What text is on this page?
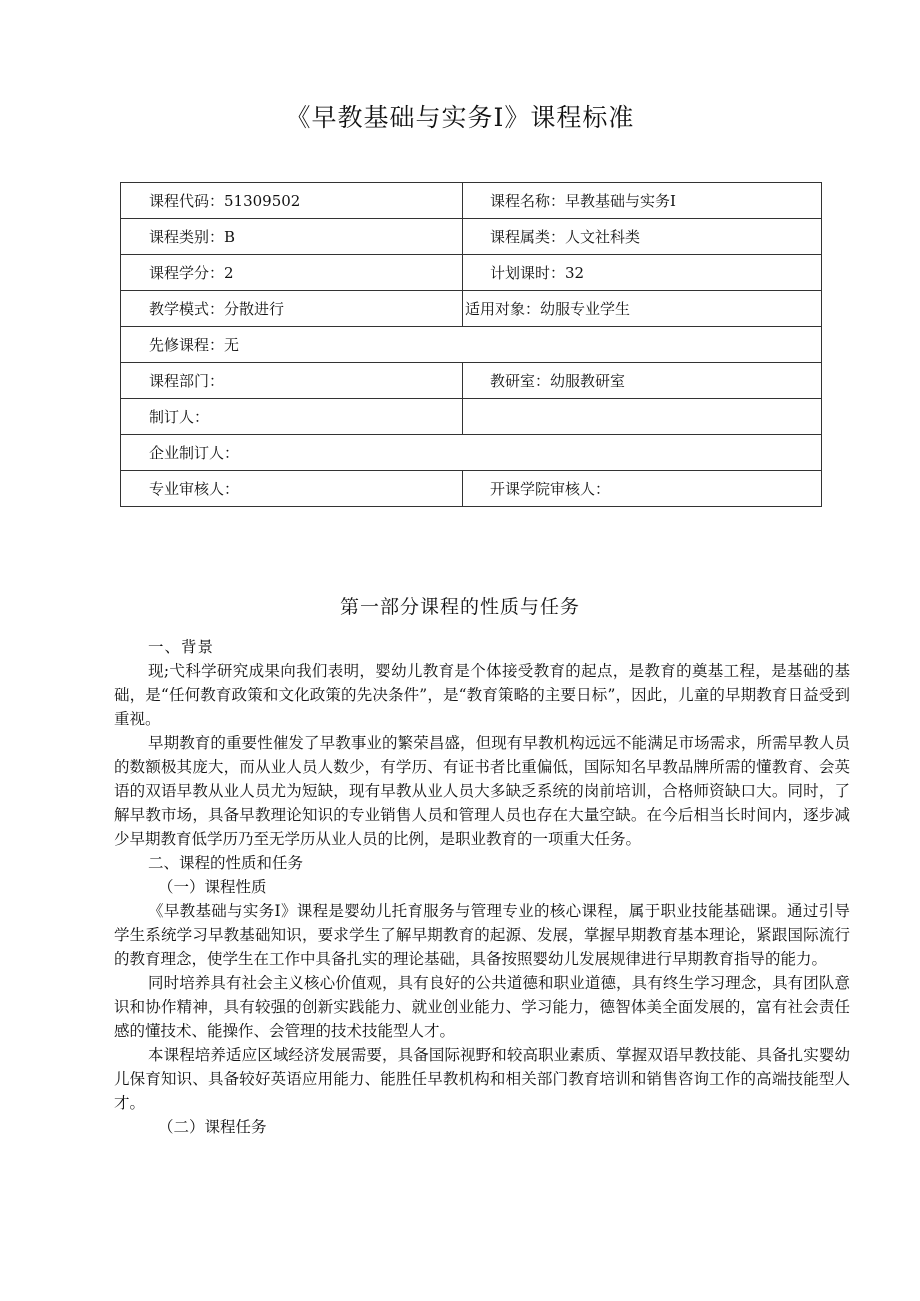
《早教基础与实务I》课程标准
课程代码：51309502	课程名称：早教基础与实务I
课程类别：B	课程属类：人文社科类
课程学分：2	计划课时：32
教学模式：分散进行	适用对象：幼服专业学生
先修课程：无	
课程部门：	教研室：幼服教研室
制订人：	
企业制订人：	
专业审核人：	开课学院审核人：
第一部分课程的性质与任务
一、背景

现;弋科学研究成果向我们表明，婴幼儿教育是个体接受教育的起点，是教育的奠基工程，是基础的基础，是“任何教育政策和文化政策的先决条件”，是“教育策略的主要日标”，因此，儿童的早期教育日益受到重视。

早期教育的重要性催发了早教事业的繁荣昌盛，但现有早教机构远远不能满足市场需求，所需早教人员的数额极其庞大，而从业人员人数少，有学历、有证书者比重偏低，国际知名早教品牌所需的懂教育、会英语的双语早教从业人员尤为短缺，现有早教从业人员大多缺乏系统的岗前培训，合格师资缺口大。同时，了解早教市场，具备早教理论知识的专业销售人员和管理人员也存在大量空缺。在今后相当长时间内，逐步减少早期教育低学历乃至无学历从业人员的比例，是职业教育的一项重大任务。

二、课程的性质和任务
（一）课程性质

《早教基础与实务I》课程是婴幼儿托育服务与管理专业的核心课程，属于职业技能基础课。通过引导学生系统学习早教基础知识，要求学生了解早期教育的起源、发展，掌握早期教育基本理论，紧跟国际流行的教育理念，使学生在工作中具备扎实的理论基础，具备按照婴幼儿发展规律进行早期教育指导的能力。

同时培养具有社会主义核心价值观，具有良好的公共道德和职业道德，具有终生学习理念，具有团队意识和协作精神，具有较强的创新实践能力、就业创业能力、学习能力，德智体美全面发展的，富有社会责任感的懂技术、能操作、会管理的技术技能型人才。

本课程培养适应区域经济发展需要，具备国际视野和较高职业素质、掌握双语早教技能、具备扎实婴幼儿保育知识、具备较好英语应用能力、能胜任早教机构和相关部门教育培训和销售咨询工作的高端技能型人才。

（二）课程任务
